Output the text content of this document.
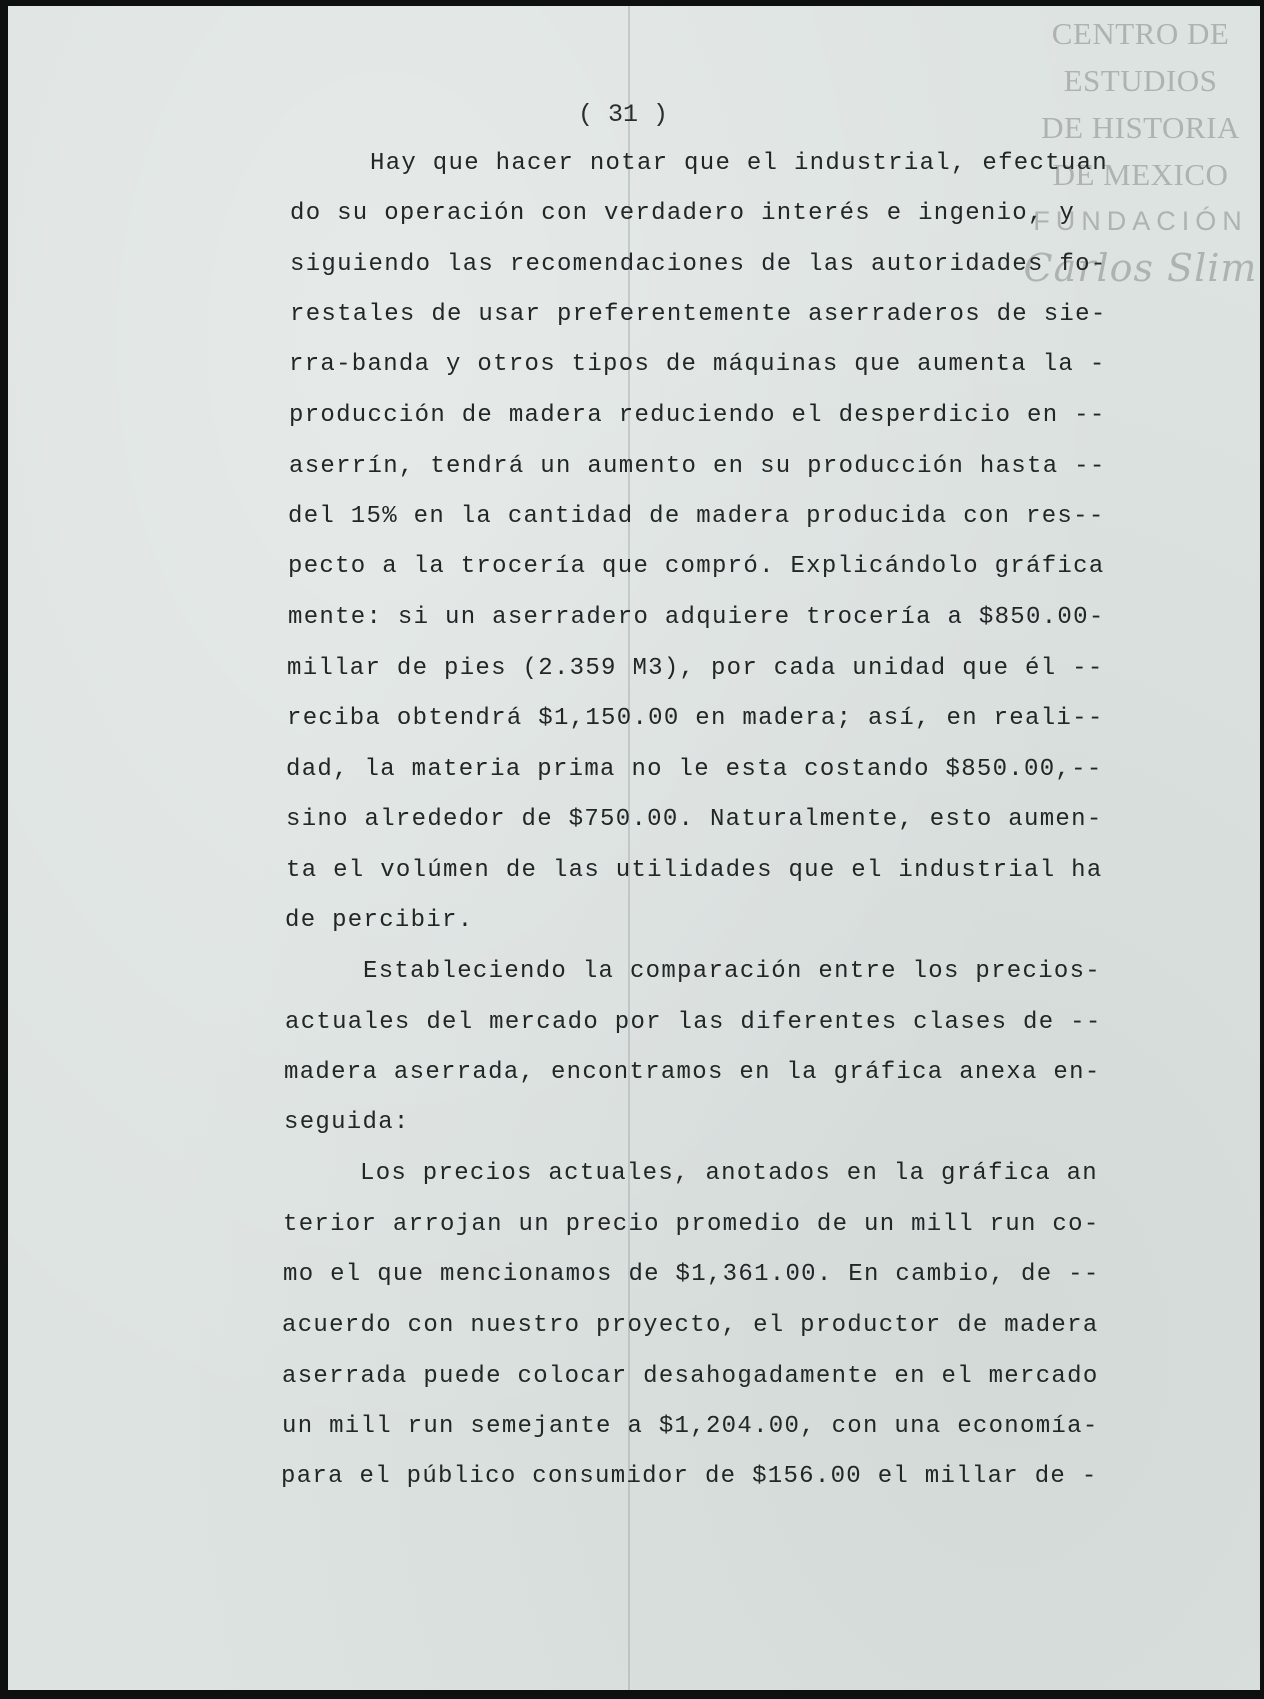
CENTRO DE
ESTUDIOS
DE HISTORIA
DE MEXICO
FUNDACIÓN
Carlos Slim
( 31 )
Hay que hacer notar que el industrial, efectuan
do su operación con verdadero interés e ingenio, y
siguiendo las recomendaciones de las autoridades fo-
restales de usar preferentemente aserraderos de sie-
rra-banda y otros tipos de máquinas que aumenta la -
producción de madera reduciendo el desperdicio en --
aserrín, tendrá un aumento en su producción hasta --
del 15% en la cantidad de madera producida con res--
pecto a la trocería que compró. Explicándolo gráfica
mente: si un aserradero adquiere trocería a $850.00-
millar de pies (2.359 M3), por cada unidad que él --
reciba obtendrá $1,150.00 en madera; así, en reali--
dad, la materia prima no le esta costando $850.00,--
sino alrededor de $750.00. Naturalmente, esto aumen-
ta el volúmen de las utilidades que el industrial ha
de percibir.
Estableciendo la comparación entre los precios-
actuales del mercado por las diferentes clases de --
madera aserrada, encontramos en la gráfica anexa en-
seguida:
Los precios actuales, anotados en la gráfica an
terior arrojan un precio promedio de un mill run co-
mo el que mencionamos de $1,361.00. En cambio, de --
acuerdo con nuestro proyecto, el productor de madera
aserrada puede colocar desahogadamente en el mercado
un mill run semejante a $1,204.00, con una economía-
para el público consumidor de $156.00 el millar de -
